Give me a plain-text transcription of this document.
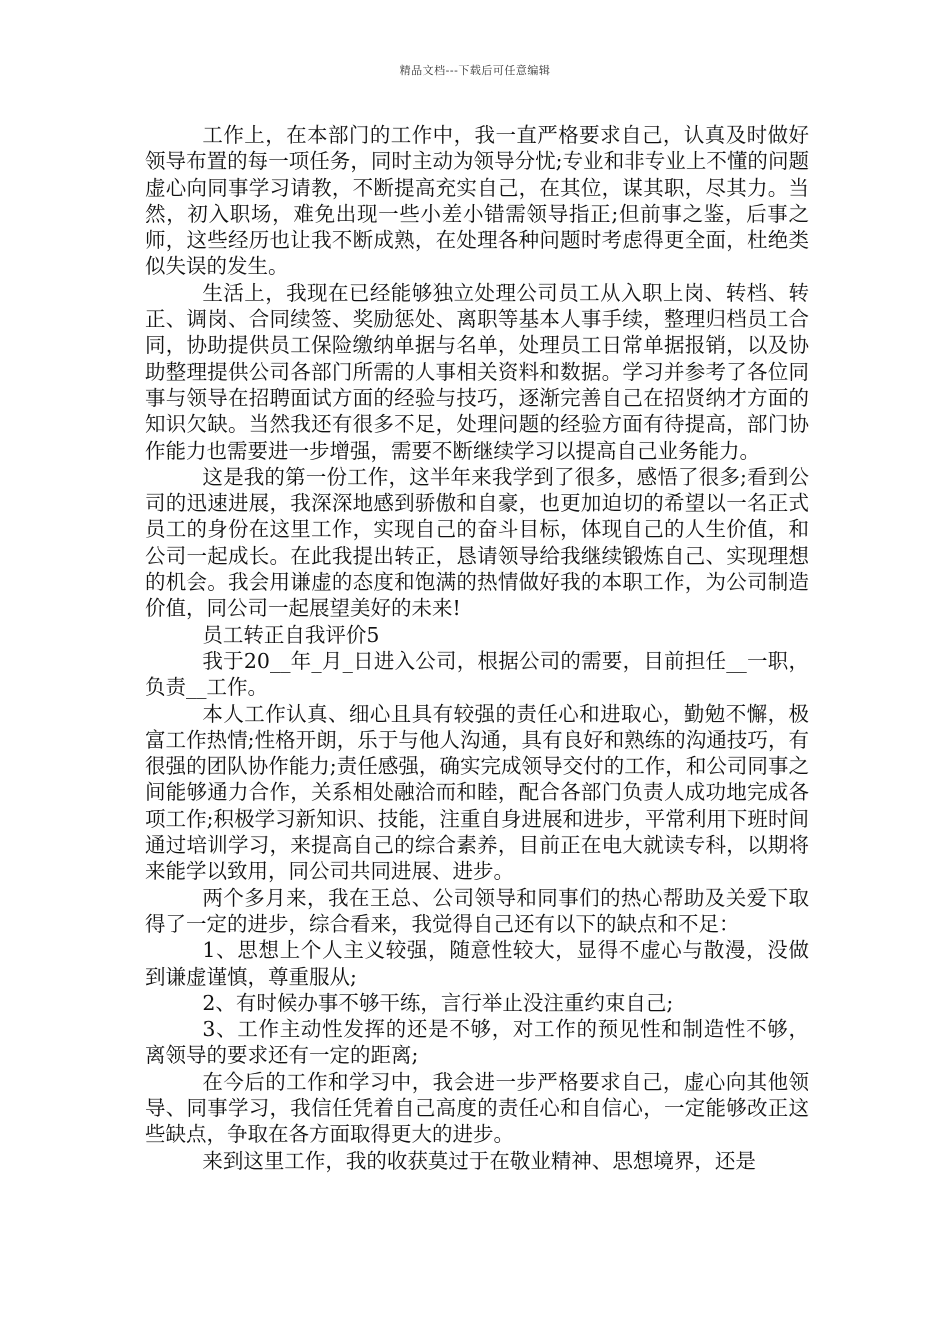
精品文档---下载后可任意编辑

工作上，在本部门的工作中，我一直严格要求自己，认真及时做好领导布置的每一项任务，同时主动为领导分忧;专业和非专业上不懂的问题虚心向同事学习请教，不断提高充实自己，在其位，谋其职，尽其力。当然，初入职场，难免出现一些小差小错需领导指正;但前事之鉴，后事之师，这些经历也让我不断成熟，在处理各种问题时考虑得更全面，杜绝类似失误的发生。

生活上，我现在已经能够独立处理公司员工从入职上岗、转档、转正、调岗、合同续签、奖励惩处、离职等基本人事手续，整理归档员工合同，协助提供员工保险缴纳单据与名单，处理员工日常单据报销，以及协助整理提供公司各部门所需的人事相关资料和数据。学习并参考了各位同事与领导在招聘面试方面的经验与技巧，逐渐完善自己在招贤纳才方面的知识欠缺。当然我还有很多不足，处理问题的经验方面有待提高，部门协作能力也需要进一步增强，需要不断继续学习以提高自己业务能力。

这是我的第一份工作，这半年来我学到了很多，感悟了很多;看到公司的迅速进展，我深深地感到骄傲和自豪，也更加迫切的希望以一名正式员工的身份在这里工作，实现自己的奋斗目标，体现自己的人生价值，和公司一起成长。在此我提出转正，恳请领导给我继续锻炼自己、实现理想的机会。我会用谦虚的态度和饱满的热情做好我的本职工作，为公司制造价值，同公司一起展望美好的未来!

员工转正自我评价5

我于20__年_月_日进入公司，根据公司的需要，目前担任__一职，负责__工作。

本人工作认真、细心且具有较强的责任心和进取心，勤勉不懈，极富工作热情;性格开朗，乐于与他人沟通，具有良好和熟练的沟通技巧，有很强的团队协作能力;责任感强，确实完成领导交付的工作，和公司同事之间能够通力合作，关系相处融洽而和睦，配合各部门负责人成功地完成各项工作;积极学习新知识、技能，注重自身进展和进步，平常利用下班时间通过培训学习，来提高自己的综合素养，目前正在电大就读专科，以期将来能学以致用，同公司共同进展、进步。

两个多月来，我在王总、公司领导和同事们的热心帮助及关爱下取得了一定的进步，综合看来，我觉得自己还有以下的缺点和不足：

1、思想上个人主义较强，随意性较大，显得不虚心与散漫，没做到谦虚谨慎，尊重服从;

2、有时候办事不够干练，言行举止没注重约束自己;

3、工作主动性发挥的还是不够，对工作的预见性和制造性不够，离领导的要求还有一定的距离;

在今后的工作和学习中，我会进一步严格要求自己，虚心向其他领导、同事学习，我信任凭着自己高度的责任心和自信心，一定能够改正这些缺点，争取在各方面取得更大的进步。

来到这里工作，我的收获莫过于在敬业精神、思想境界，还是
